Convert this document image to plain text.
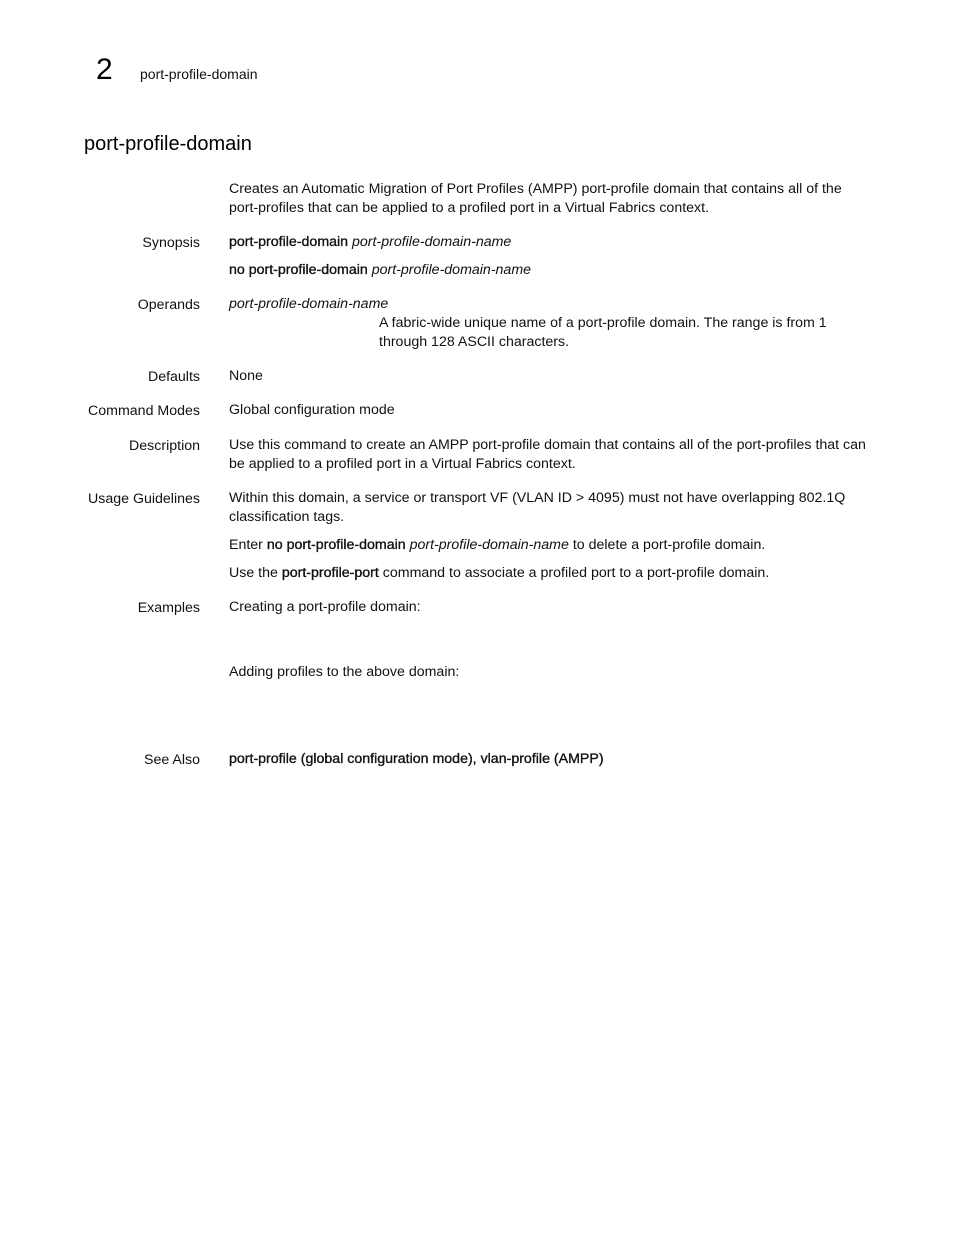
2 port-profile-domain
port-profile-domain

Creates an Automatic Migration of Port Profiles (AMPP) port-profile domain that contains all of the port-profiles that can be applied to a profiled port in a Virtual Fabrics context.

Synopsis port-profile-domain port-profile-domain-name

no port-profile-domain port-profile-domain-name

Operands port-profile-domain-name

A fabric-wide unique name of a port-profile domain. The range is from 1 through 128 ASCII characters.

Defaults None

Command Modes Global configuration mode

Description Use this command to create an AMPP port-profile domain that contains all of the port-profiles that can be applied to a profiled port in a Virtual Fabrics context.

Usage Guidelines Within this domain, a service or transport VF (VLAN ID > 4095) must not have overlapping 802.1Q classification tags.

Enter no port-profile-domain port-profile-domain-name to delete a port-profile domain.

Use the port-profile-port command to associate a profiled port to a port-profile domain.

Examples Creating a port-profile domain:

Adding profiles to the above domain:

See Also port-profile (global configuration mode), vlan-profile (AMPP)
